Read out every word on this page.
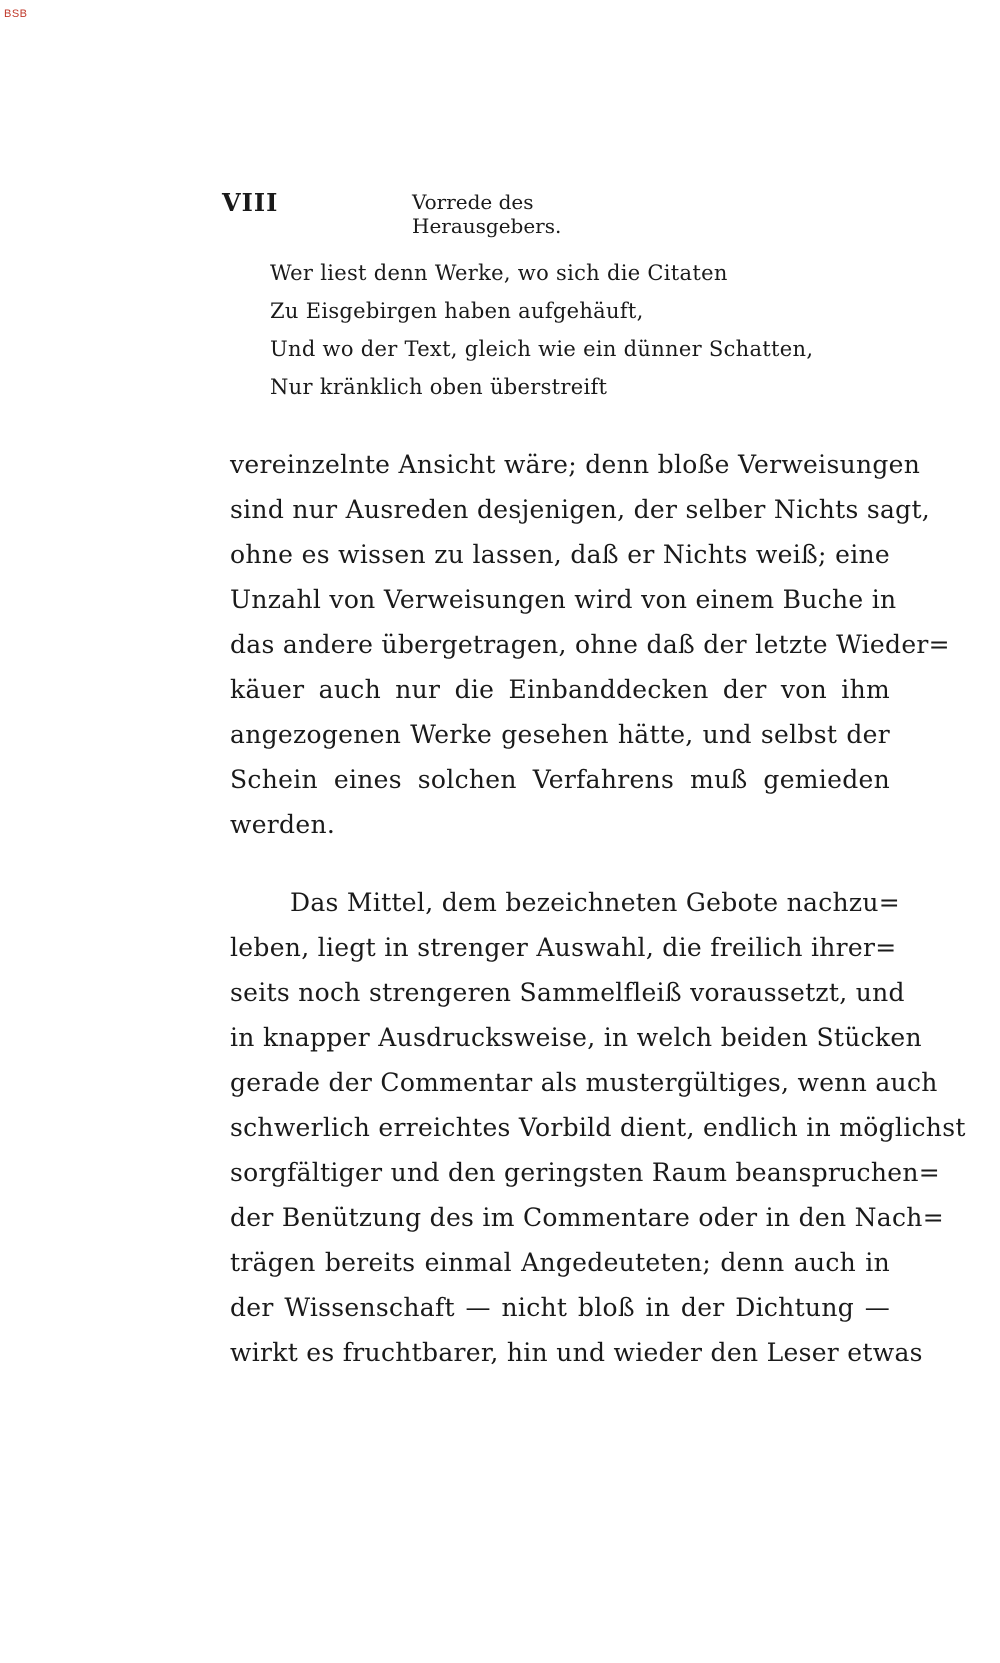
BSB
VIII	Vorrede des Herausgebers.
Wer liest denn Werke, wo sich die Citaten
Zu Eisgebirgen haben aufgehäuft,
Und wo der Text, gleich wie ein dünner Schatten,
Nur kränklich oben überstreift
vereinzelnte Ansicht wäre; denn bloße Verweisungen
sind nur Ausreden desjenigen, der selber Nichts sagt,
ohne es wissen zu lassen, daß er Nichts weiß; eine
Unzahl von Verweisungen wird von einem Buche in
das andere übergetragen, ohne daß der letzte Wieder=
käuer auch nur die Einbanddecken der von ihm
angezogenen Werke gesehen hätte, und selbst der
Schein eines solchen Verfahrens muß gemieden
werden.
Das Mittel, dem bezeichneten Gebote nachzu=
leben, liegt in strenger Auswahl, die freilich ihrer=
seits noch strengeren Sammelfleiß voraussetzt, und
in knapper Ausdrucksweise, in welch beiden Stücken
gerade der Commentar als mustergültiges, wenn auch
schwerlich erreichtes Vorbild dient, endlich in möglichst
sorgfältiger und den geringsten Raum beanspruchen=
der Benützung des im Commentare oder in den Nach=
trägen bereits einmal Angedeuteten; denn auch in
der Wissenschaft — nicht bloß in der Dichtung —
wirkt es fruchtbarer, hin und wieder den Leser etwas
